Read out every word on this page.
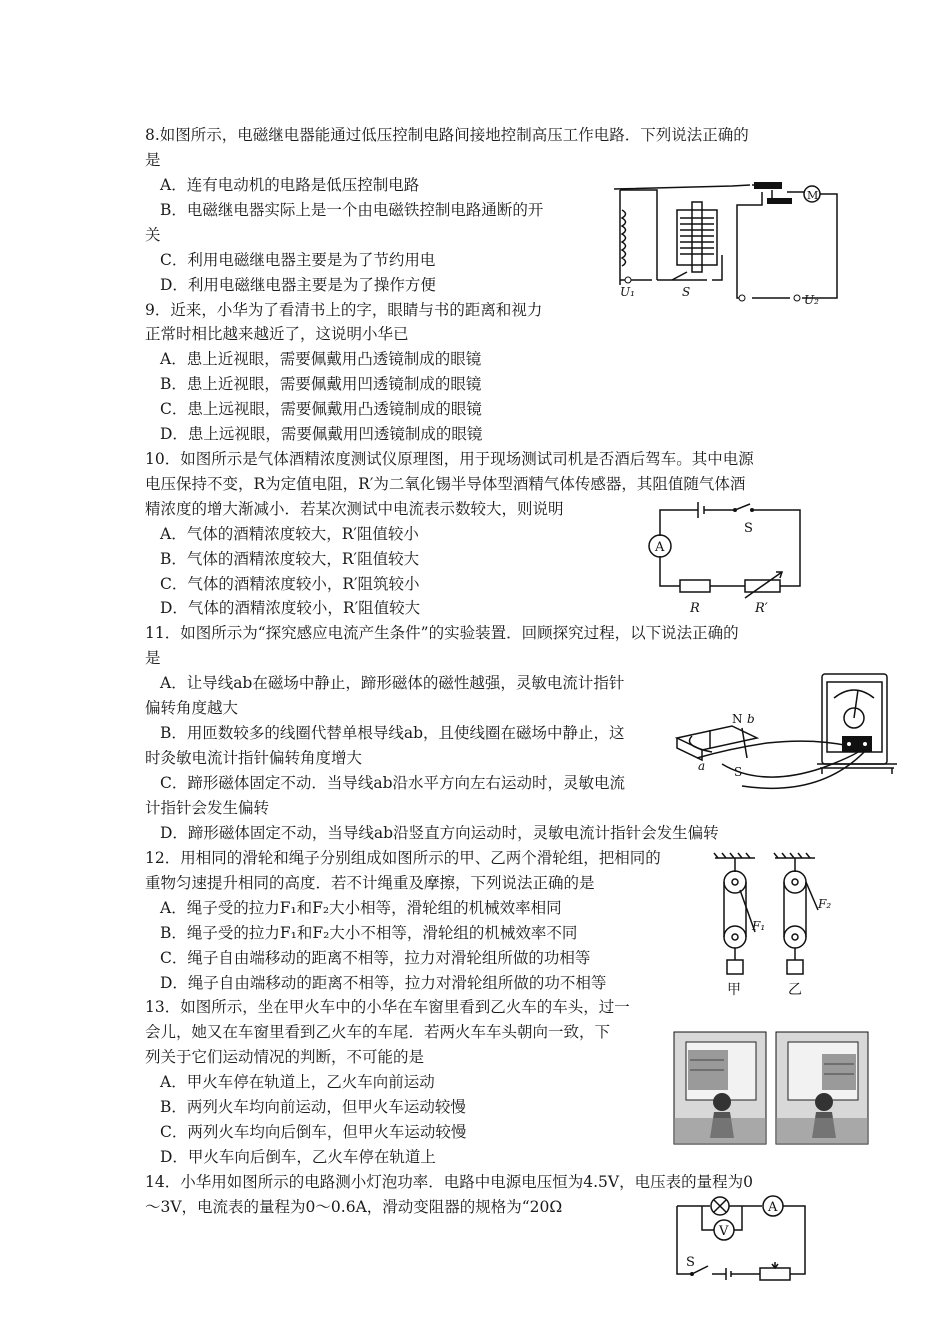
8.如图所示，电磁继电器能通过低压控制电路间接地控制高压工作电路．下列说法正确的
是
A．连有电动机的电路是低压控制电路
B．电磁继电器实际上是一个由电磁铁控制电路通断的开
关
C．利用电磁继电器主要是为了节约用电
D．利用电磁继电器主要是为了操作方便
9．近来，小华为了看清书上的字，眼睛与书的距离和视力
正常时相比越来越近了，这说明小华已
A．患上近视眼，需要佩戴用凸透镜制成的眼镜
B．患上近视眼，需要佩戴用凹透镜制成的眼镜
C．患上远视眼，需要佩戴用凸透镜制成的眼镜
D．患上远视眼，需要佩戴用凹透镜制成的眼镜
10．如图所示是气体酒精浓度测试仪原理图，用于现场测试司机是否酒后驾车。其中电源
电压保持不变，R为定值电阻，R′为二氧化锡半导体型酒精气体传感器，其阻值随气体酒
精浓度的增大渐减小．若某次测试中电流表示数较大，则说明
A．气体的酒精浓度较大，R′阻值较小
B．气体的酒精浓度较大，R′阻值较大
C．气体的酒精浓度较小，R′阻筑较小
D．气体的酒精浓度较小，R′阻值较大
11．如图所示为“探究感应电流产生条件”的实验装置．回顾探究过程，以下说法正确的
是
A．让导线ab在磁场中静止，蹄形磁体的磁性越强，灵敏电流计指针
偏转角度越大
B．用匝数较多的线圈代替单根导线ab，且使线圈在磁场中静止，这
时灸敏电流计指针偏转角度增大
C．蹄形磁体固定不动．当导线ab沿水平方向左右运动时，灵敏电流
计指针会发生偏转
D．蹄形磁体固定不动，当导线ab沿竖直方向运动时，灵敏电流计指针会发生偏转
12．用相同的滑轮和绳子分别组成如图所示的甲、乙两个滑轮组，把相同的
重物匀速提升相同的高度．若不计绳重及摩擦，下列说法正确的是
A．绳子受的拉力F₁和F₂大小相等，滑轮组的机械效率相同
B．绳子受的拉力F₁和F₂大小不相等，滑轮组的机械效率不同
C．绳子自由端移动的距离不相等，拉力对滑轮组所做的功相等
D．绳子自由端移动的距离不相等，拉力对滑轮组所做的功不相等
13．如图所示，坐在甲火车中的小华在车窗里看到乙火车的车头，过一
会儿，她又在车窗里看到乙火车的车尾．若两火车车头朝向一致，下
列关于它们运动情况的判断，不可能的是
A．甲火车停在轨道上，乙火车向前运动
B．两列火车均向前运动，但甲火车运动较慢
C．两列火车均向后倒车，但甲火车运动较慢
D．甲火车向后倒车，乙火车停在轨道上
14．小华用如图所示的电路测小灯泡功率．电路中电源电压恒为4.5V，电压表的量程为0
～3V，电流表的量程为0～0.6A，滑动变阻器的规格为“20Ω
M
U₁	S
U₂
A
S
R	R′
N b
S
a
F₁
F₂
甲	乙
A
V
S
